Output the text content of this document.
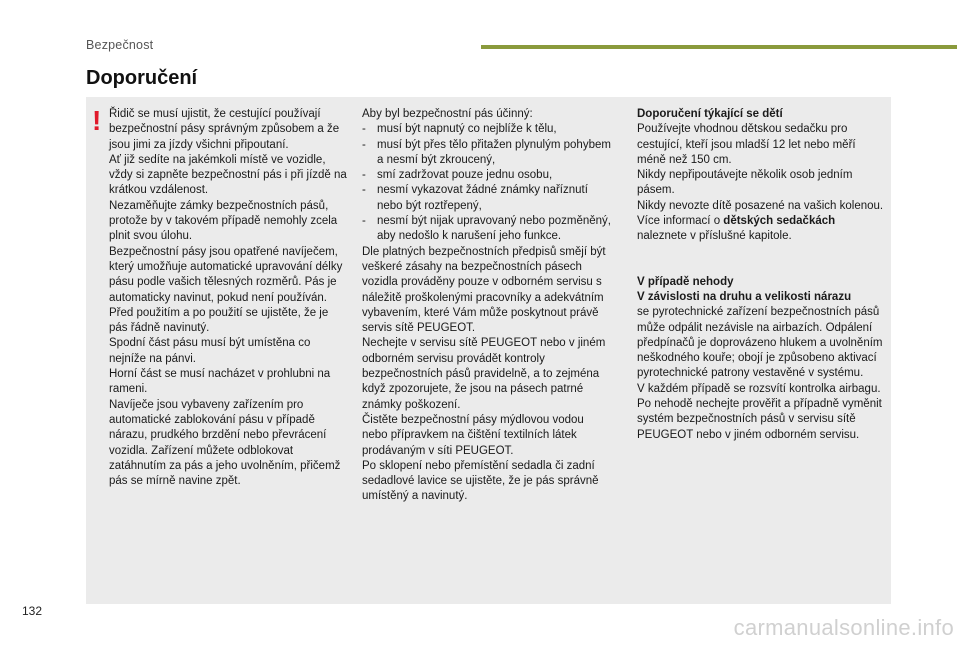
Bezpečnost
Doporučení
! Řidič se musí ujistit, že cestující používají bezpečnostní pásy správným způsobem a že jsou jimi za jízdy všichni připoutaní.

Ať již sedíte na jakémkoli místě ve vozidle, vždy si zapněte bezpečnostní pás i při jízdě na krátkou vzdálenost.

Nezaměňujte zámky bezpečnostních pásů, protože by v takovém případě nemohly zcela plnit svou úlohu.

Bezpečnostní pásy jsou opatřené navíječem, který umožňuje automatické upravování délky pásu podle vašich tělesných rozměrů. Pás je automaticky navinut, pokud není používán.

Před použitím a po použití se ujistěte, že je pás řádně navinutý.

Spodní část pásu musí být umístěna co nejníže na pánvi.

Horní část se musí nacházet v prohlubni na rameni.

Navíječe jsou vybaveny zařízením pro automatické zablokování pásu v případě nárazu, prudkého brzdění nebo převrácení vozidla. Zařízení můžete odblokovat zatáhnutím za pás a jeho uvolněním, přičemž pás se mírně navine zpět.

Aby byl bezpečnostní pás účinný:

- musí být napnutý co nejblíže k tělu,
- musí být přes tělo přitažen plynulým pohybem a nesmí být zkroucený,
- smí zadržovat pouze jednu osobu,
- nesmí vykazovat žádné známky naříznutí nebo být roztřepený,
- nesmí být nijak upravovaný nebo pozměněný, aby nedošlo k narušení jeho funkce.

Dle platných bezpečnostních předpisů smějí být veškeré zásahy na bezpečnostních pásech vozidla prováděny pouze v odborném servisu s náležitě proškolenými pracovníky a adekvátním vybavením, které Vám může poskytnout právě servis sítě PEUGEOT.

Nechejte v servisu sítě PEUGEOT nebo v jiném odborném servisu provádět kontroly bezpečnostních pásů pravidelně, a to zejména když zpozorujete, že jsou na pásech patrné známky poškození.

Čistěte bezpečnostní pásy mýdlovou vodou nebo přípravkem na čištění textilních látek prodávaným v síti PEUGEOT.

Po sklopení nebo přemístění sedadla či zadní sedadlové lavice se ujistěte, že je pás správně umístěný a navinutý.

Doporučení týkající se dětí

Používejte vhodnou dětskou sedačku pro cestující, kteří jsou mladší 12 let nebo měří méně než 150 cm.

Nikdy nepřipoutávejte několik osob jedním pásem.

Nikdy nevozte dítě posazené na vašich kolenou.

Více informací o dětských sedačkách naleznete v příslušné kapitole.

V případě nehody

V závislosti na druhu a velikosti nárazu

se pyrotechnické zařízení bezpečnostních pásů může odpálit nezávisle na airbazích. Odpálení předpínačů je doprovázeno hlukem a uvolněním neškodného kouře; obojí je způsobeno aktivací pyrotechnické patrony vestavěné v systému.

V každém případě se rozsvítí kontrolka airbagu.

Po nehodě nechejte prověřit a případně vyměnit systém bezpečnostních pásů v servisu sítě PEUGEOT nebo v jiném odborném servisu.

132
carmanualsonline.info
